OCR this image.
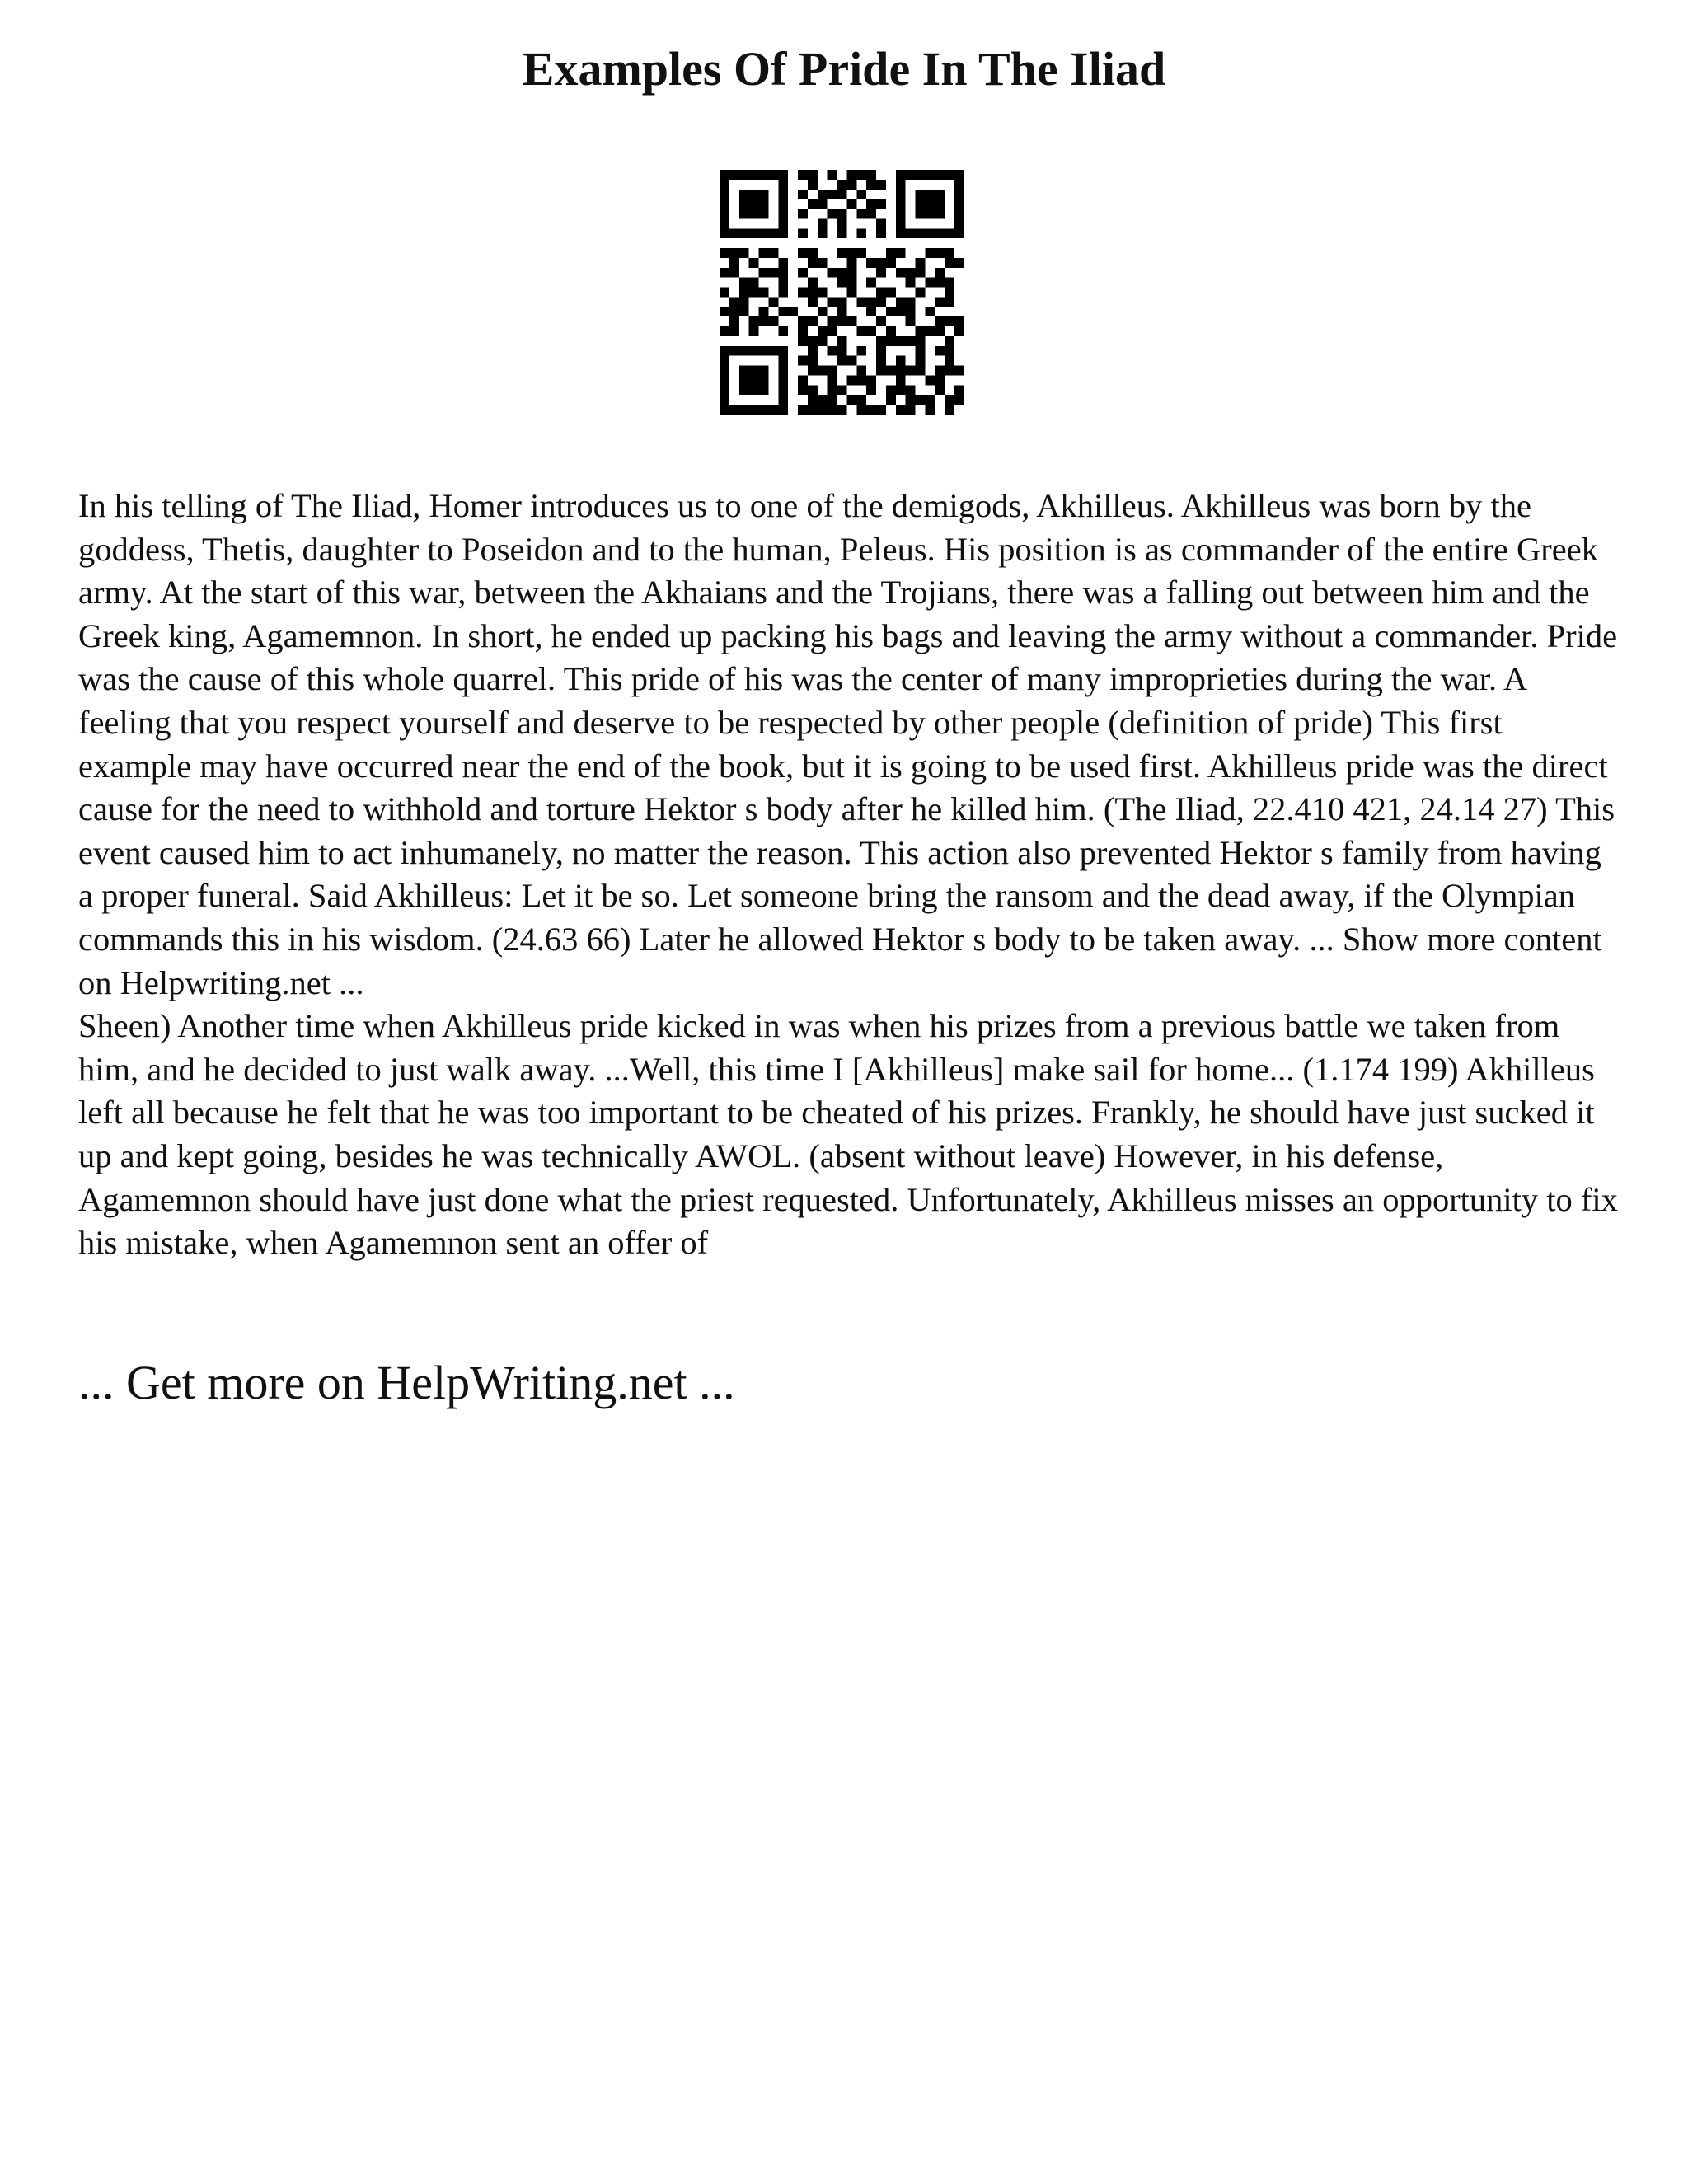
Examples Of Pride In The Iliad

In his telling of The Iliad, Homer introduces us to one of the demigods, Akhilleus. Akhilleus was born by the goddess, Thetis, daughter to Poseidon and to the human, Peleus. His position is as commander of the entire Greek army. At the start of this war, between the Akhaians and the Trojians, there was a falling out between him and the Greek king, Agamemnon. In short, he ended up packing his bags and leaving the army without a commander. Pride was the cause of this whole quarrel. This pride of his was the center of many improprieties during the war. A feeling that you respect yourself and deserve to be respected by other people (definition of pride) This first example may have occurred near the end of the book, but it is going to be used first. Akhilleus pride was the direct cause for the need to withhold and torture Hektor s body after he killed him. (The Iliad, 22.410 421, 24.14 27) This event caused him to act inhumanely, no matter the reason. This action also prevented Hektor s family from having a proper funeral. Said Akhilleus: Let it be so. Let someone bring the ransom and the dead away, if the Olympian commands this in his wisdom. (24.63 66) Later he allowed Hektor s body to be taken away. ... Show more content on Helpwriting.net ...

Sheen) Another time when Akhilleus pride kicked in was when his prizes from a previous battle we taken from him, and he decided to just walk away. ...Well, this time I [Akhilleus] make sail for home... (1.174 199) Akhilleus left all because he felt that he was too important to be cheated of his prizes. Frankly, he should have just sucked it up and kept going, besides he was technically AWOL. (absent without leave) However, in his defense, Agamemnon should have just done what the priest requested. Unfortunately, Akhilleus misses an opportunity to fix his mistake, when Agamemnon sent an offer of

... Get more on HelpWriting.net ...
